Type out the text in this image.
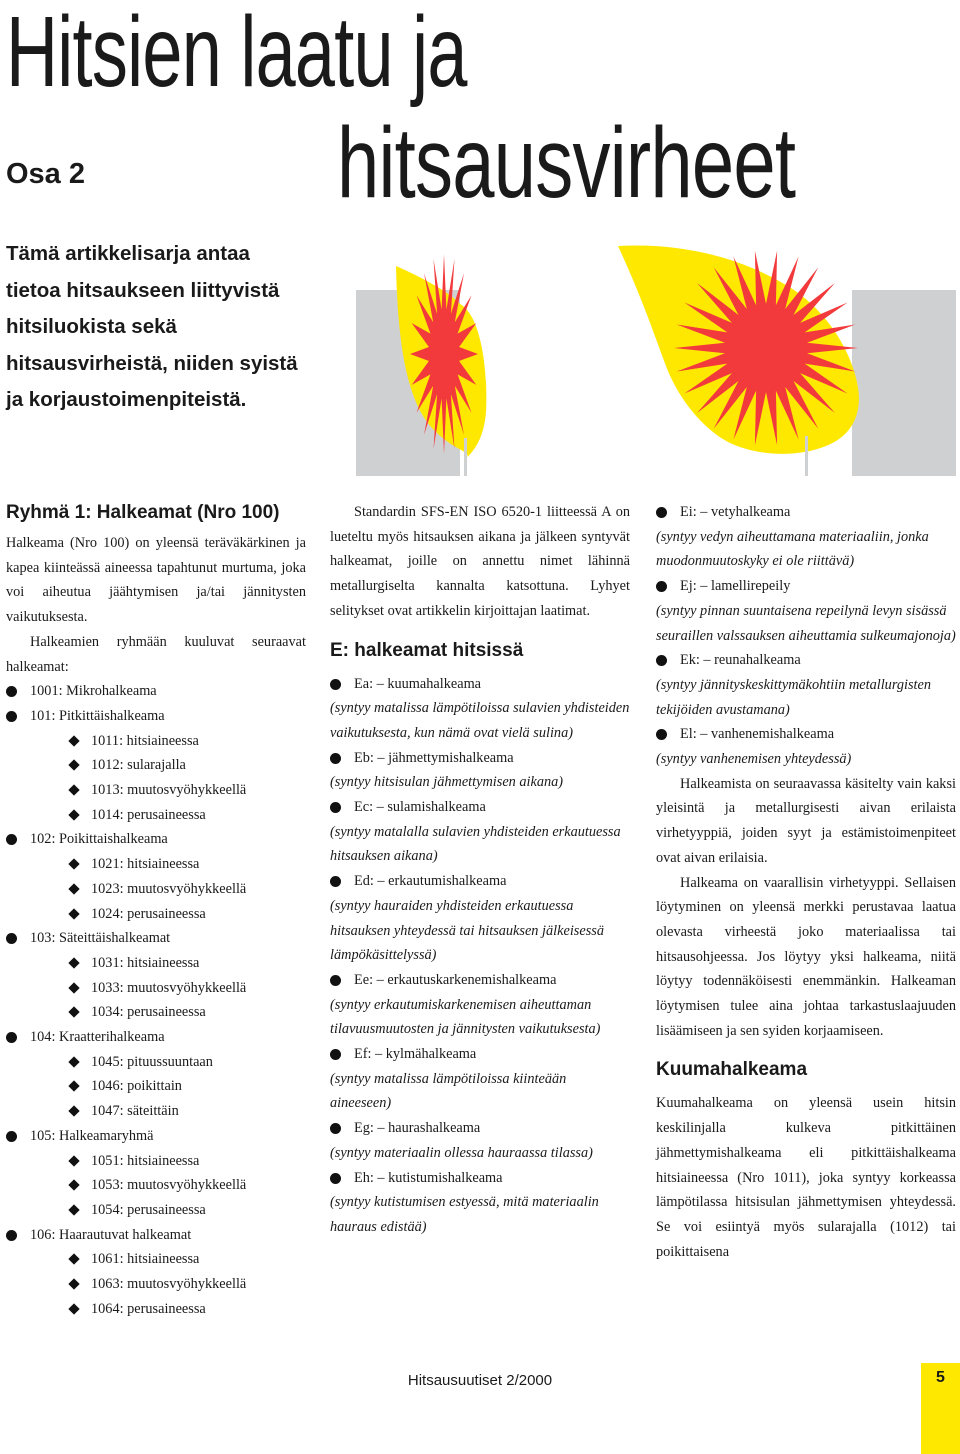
Hitsien laatu ja
hitsausvirheet

Osa 2

Tämä artikkelisarja antaa tietoa hitsaukseen liittyvistä hitsiluokista sekä hitsausvirheistä, niiden syistä ja korjaustoimenpiteistä.

Ryhmä 1: Halkeamat (Nro 100)

Halkeama (Nro 100) on yleensä teräväkärkinen ja kapea kiinteässä aineessa tapahtunut murtuma, joka voi aiheutua jäähtymisen ja/tai jännitysten vaikutuksesta.

Halkeamien ryhmään kuuluvat seuraavat halkeamat:

1001: Mikrohalkeama
101: Pitkittäishalkeama
1011: hitsiaineessa
1012: sularajalla
1013: muutosvyöhykkeellä
1014: perusaineessa
102: Poikittaishalkeama
1021: hitsiaineessa
1023: muutosvyöhykkeellä
1024: perusaineessa
103: Säteittäishalkeamat
1031: hitsiaineessa
1033: muutosvyöhykkeellä
1034: perusaineessa
104: Kraatterihalkeama
1045: pituussuuntaan
1046: poikittain
1047: säteittäin
105: Halkeamaryhmä
1051: hitsiaineessa
1053: muutosvyöhykkeellä
1054: perusaineessa
106: Haarautuvat halkeamat
1061: hitsiaineessa
1063: muutosvyöhykkeellä
1064: perusaineessa

Standardin SFS-EN ISO 6520-1 liitteessä A on lueteltu myös hitsauksen aikana ja jälkeen syntyvät halkeamat, joille on annettu nimet lähinnä metallurgiselta kannalta katsottuna. Lyhyet selitykset ovat artikkelin kirjoittajan laatimat.

E: halkeamat hitsissä
Ea: – kuumahalkeama

(syntyy matalissa lämpötiloissa sulavien yhdisteiden vaikutuksesta, kun nämä ovat vielä sulina)

Eb: – jähmettymishalkeama

(syntyy hitsisulan jähmettymisen aikana)

Ec: – sulamishalkeama

(syntyy matalalla sulavien yhdisteiden erkautuessa hitsauksen aikana)

Ed: – erkautumishalkeama

(syntyy hauraiden yhdisteiden erkautuessa hitsauksen yhteydessä tai hitsauksen jälkeisessä lämpökäsittelyssä)

Ee: – erkautuskarkenemishalkeama

(syntyy erkautumiskarkenemisen aiheuttaman tilavuusmuutosten ja jännitysten vaikutuksesta)

Ef: – kylmähalkeama

(syntyy matalissa lämpötiloissa kiinteään aineeseen)

Eg: – haurashalkeama

(syntyy materiaalin ollessa hauraassa tilassa)

Eh: – kutistumishalkeama

(syntyy kutistumisen estyessä, mitä materiaalin hauraus edistää)

Ei: – vetyhalkeama

(syntyy vedyn aiheuttamana materiaaliin, jonka muodonmuutoskyky ei ole riittävä)

Ej: – lamellirepeily

(syntyy pinnan suuntaisena repeilynä levyn sisässä seuraillen valssauksen aiheuttamia sulkeumajonoja)

Ek: – reunahalkeama

(syntyy jännityskeskittymäkohtiin metallurgisten tekijöiden avustamana)

El: – vanhenemishalkeama

(syntyy vanhenemisen yhteydessä)

Halkeamista on seuraavassa käsitelty vain kaksi yleisintä ja metallurgisesti aivan erilaista virhetyyppiä, joiden syyt ja estämistoimenpiteet ovat aivan erilaisia.

Halkeama on vaarallisin virhetyyppi. Sellaisen löytyminen on yleensä merkki perustavaa laatua olevasta virheestä joko materiaalissa tai hitsausohjeessa. Jos löytyy yksi halkeama, niitä löytyy todennäköisesti enemmänkin. Halkeaman löytymisen tulee aina johtaa tarkastuslaajuuden lisäämiseen ja sen syiden korjaamiseen.

Kuumahalkeama

Kuumahalkeama on yleensä usein hitsin keskilinjalla kulkeva pitkittäinen jähmettymishalkeama eli pitkittäishalkeama hitsiaineessa (Nro 1011), joka syntyy korkeassa lämpötilassa hitsisulan jähmettymisen yhteydessä. Se voi esiintyä myös sularajalla (1012) tai poikittaisena

Hitsausuutiset 2/2000	5
